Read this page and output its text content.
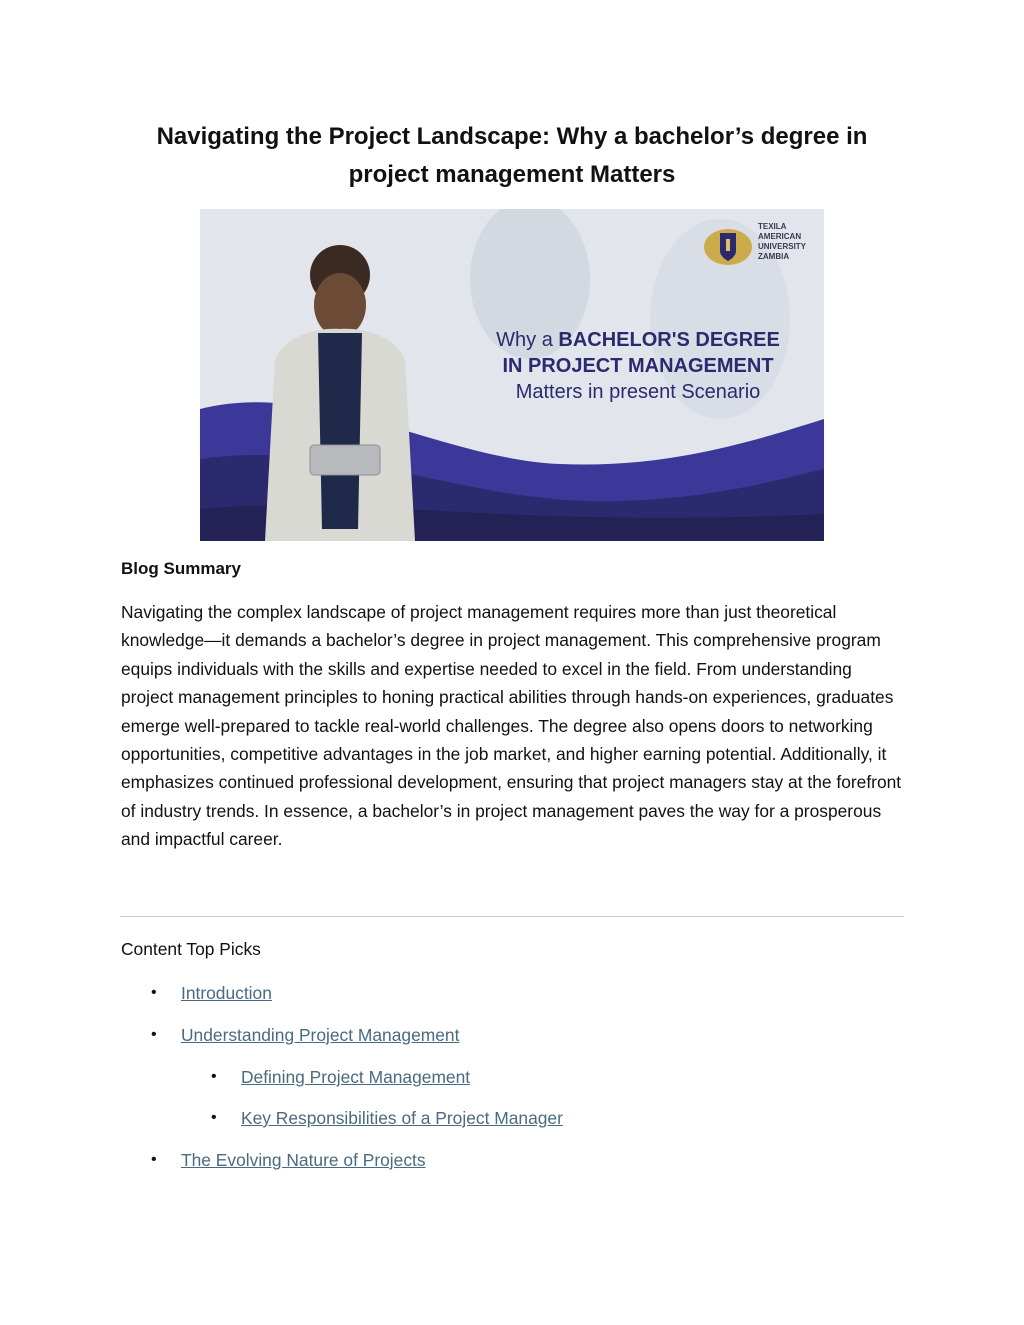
Navigating the Project Landscape: Why a bachelor’s degree in project management Matters
TEXILA
AMERICAN
UNIVERSITY
ZAMBIA
Why a BACHELOR'S DEGREE
IN PROJECT MANAGEMENT
Matters in present Scenario
Blog Summary

Navigating the complex landscape of project management requires more than just theoretical knowledge—it demands a bachelor’s degree in project management. This comprehensive program equips individuals with the skills and expertise needed to excel in the field. From understanding project management principles to honing practical abilities through hands-on experiences, graduates emerge well-prepared to tackle real-world challenges. The degree also opens doors to networking opportunities, competitive advantages in the job market, and higher earning potential. Additionally, it emphasizes continued professional development, ensuring that project managers stay at the forefront of industry trends. In essence, a bachelor’s in project management paves the way for a prosperous and impactful career.

Content Top Picks

• Introduction
• Understanding Project Management
• Defining Project Management
• Key Responsibilities of a Project Manager
• The Evolving Nature of Projects
